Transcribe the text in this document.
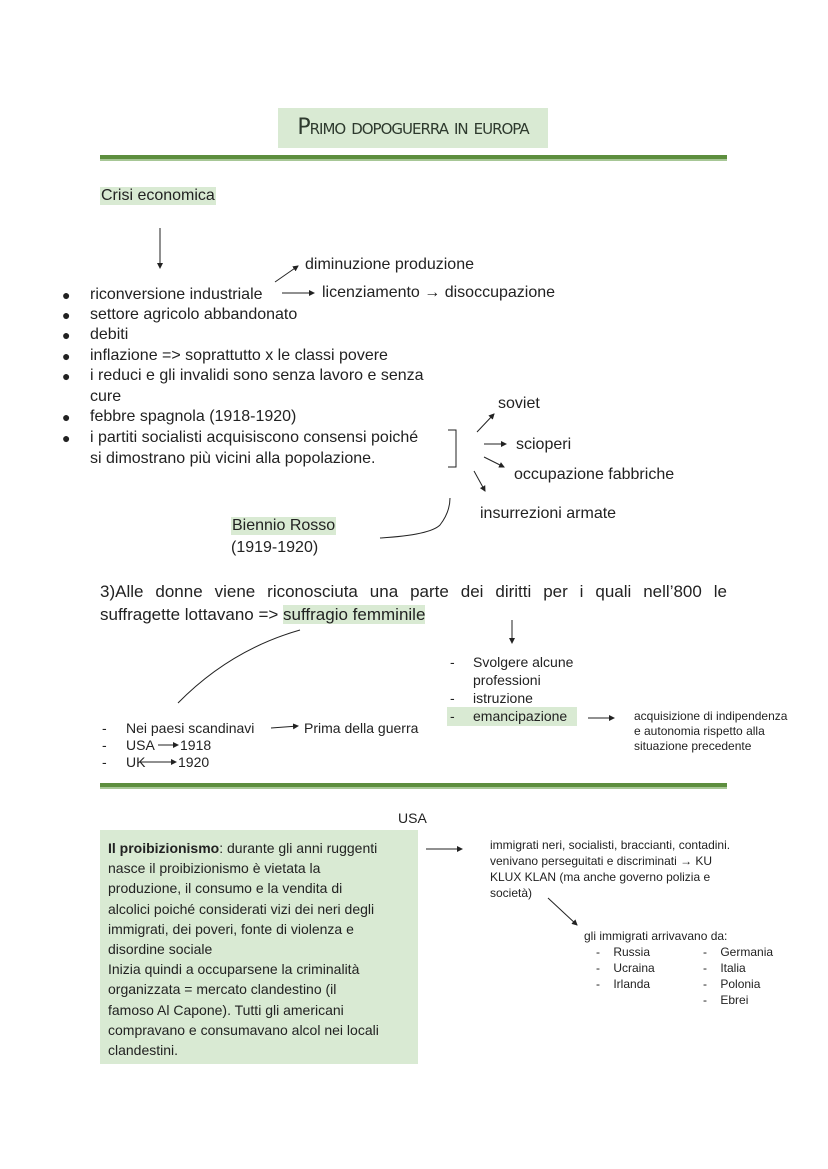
Primo dopoguerra in europa
Crisi economica
diminuzione produzione
licenziamento → disoccupazione
● riconversione industriale
● settore agricolo abbandonato
● debiti
● inflazione => soprattutto x le classi povere
● i reduci e gli invalidi sono senza lavoro e senza
cure
● febbre spagnola (1918-1920)
● i partiti socialisti acquisiscono consensi poiché
si dimostrano più vicini alla popolazione.
soviet
scioperi
occupazione fabbriche
insurrezioni armate
Biennio Rosso
(1919-1920)
3)Alle donne viene riconosciuta una parte dei diritti per i quali nell’800 le
suffragette lottavano => suffragio femminile
- Svolgere alcune
professioni
- istruzione
- emancipazione	acquisizione di indipendenza
e autonomia rispetto alla
situazione precedente
- Nei paesi scandinavi	Prima della guerra
- USA 1918
- UK 1920
USA
Il proibizionismo: durante gli anni ruggenti
nasce il proibizionismo è vietata la
produzione, il consumo e la vendita di
alcolici poiché considerati vizi dei neri degli
immigrati, dei poveri, fonte di violenza e
disordine sociale
Inizia quindi a occuparsene la criminalità
organizzata = mercato clandestino (il
famoso Al Capone). Tutti gli americani
compravano e consumavano alcol nei locali
clandestini.
immigrati neri, socialisti, braccianti, contadini.
venivano perseguitati e discriminati → KU
KLUX KLAN (ma anche governo polizia e
società)
gli immigrati arrivavano da:
-    Russia
-    Ucraina
-    Irlanda
-    Germania
-    Italia
-    Polonia
-    Ebrei
